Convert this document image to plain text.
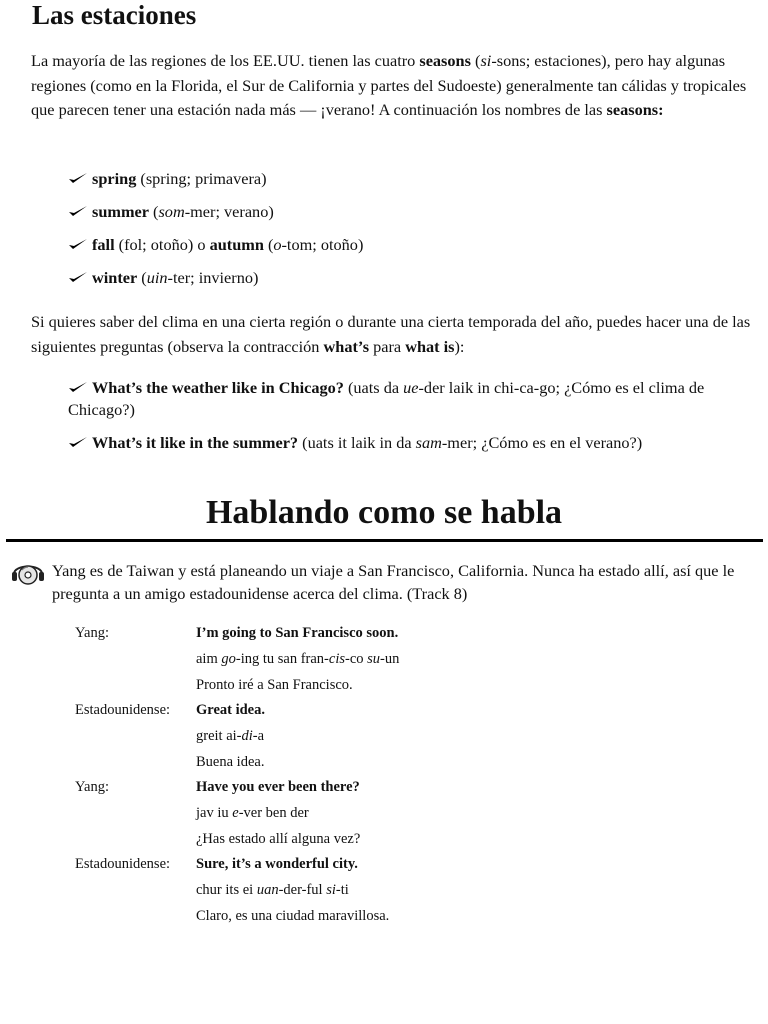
Las estaciones

La mayoría de las regiones de los EE.UU. tienen las cuatro seasons (si-sons; estaciones), pero hay algunas regiones (como en la Florida, el Sur de California y partes del Sudoeste) generalmente tan cálidas y tropicales que parecen tener una estación nada más — ¡verano! A continuación los nombres de las seasons:

spring (spring; primavera)

summer (som-mer; verano)

fall (fol; otoño) o autumn (o-tom; otoño)

winter (uin-ter; invierno)

Si quieres saber del clima en una cierta región o durante una cierta temporada del año, puedes hacer una de las siguientes preguntas (observa la contracción what’s para what is):

What’s the weather like in Chicago? (uats da ue-der laik in chi-ca-go; ¿Cómo es el clima de Chicago?)

What’s it like in the summer? (uats it laik in da sam-mer; ¿Cómo es en el verano?)

Hablando como se habla

Yang es de Taiwan y está planeando un viaje a San Francisco, California. Nunca ha estado allí, así que le pregunta a un amigo estadounidense acerca del clima. (Track 8)

Yang:	I’m going to San Francisco soon.
aim go-ing tu san fran-cis-co su-un
Pronto iré a San Francisco.
Estadounidense: Great idea.
greit ai-di-a
Buena idea.
Yang:	Have you ever been there?
jav iu e-ver ben der
¿Has estado allí alguna vez?
Estadounidense: Sure, it’s a wonderful city.
chur its ei uan-der-ful si-ti
Claro, es una ciudad maravillosa.
